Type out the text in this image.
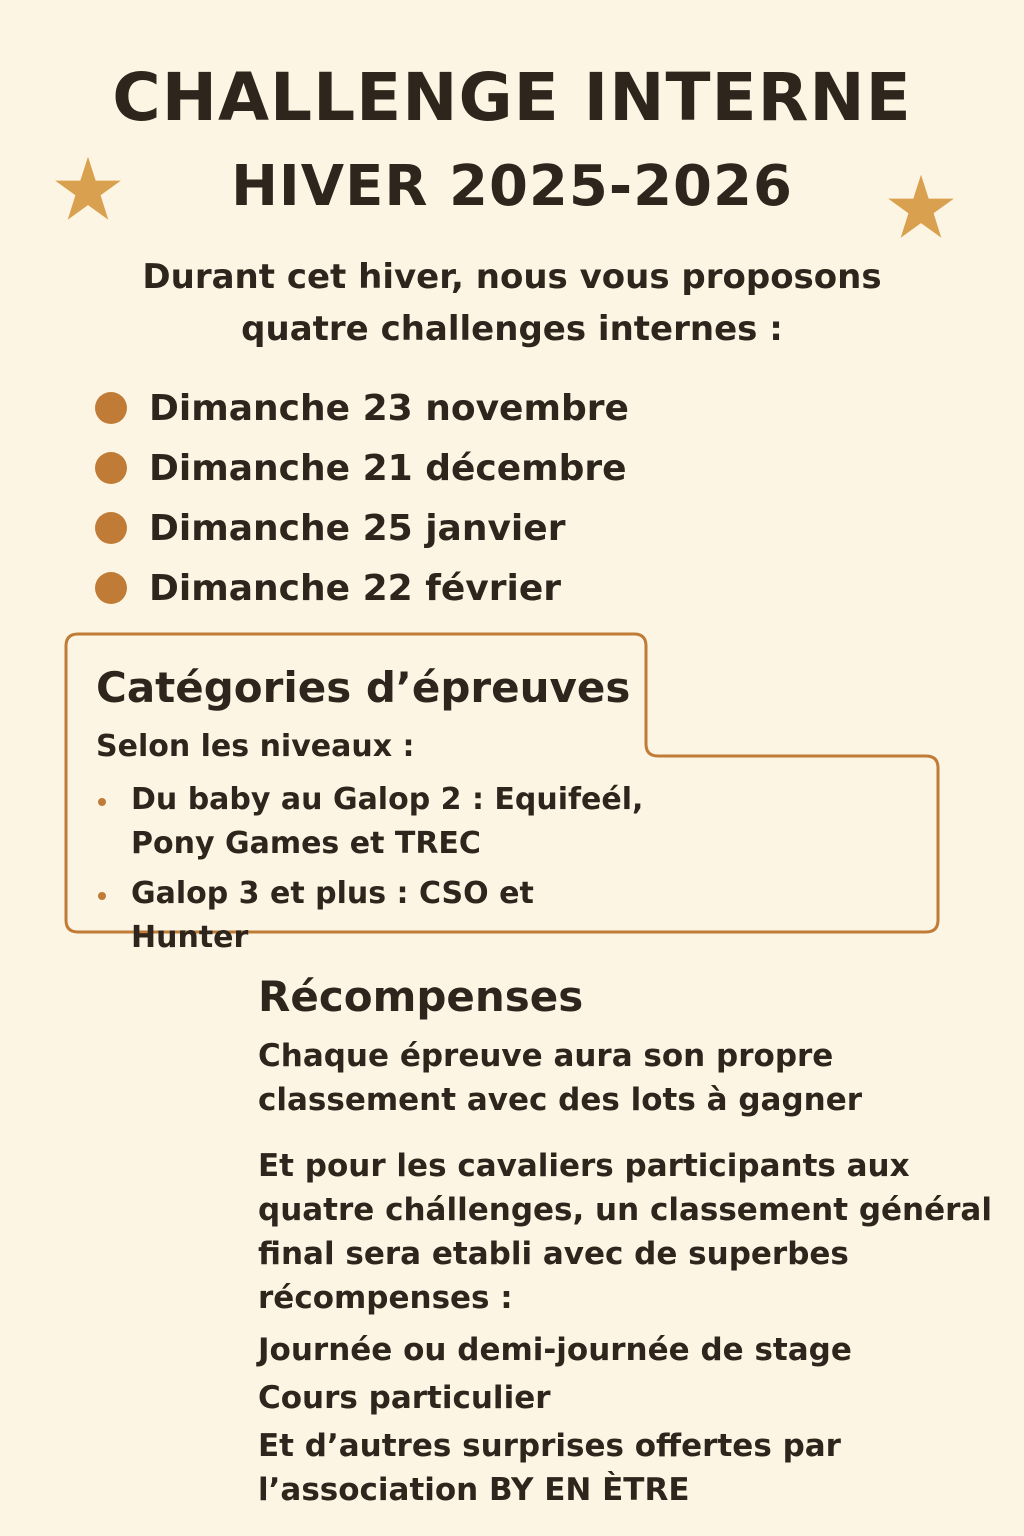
CHALLENGE INTERNE
HIVER 2025-2026
Durant cet hiver, nous vous proposons
quatre challenges internes :
Dimanche 23 novembre
Dimanche 21 décembre
Dimanche 25 janvier
Dimanche 22 février
Catégories d’épreuves
Selon les niveaux :
Du baby au Galop 2 : Equifeél, Pony Games et TREC
Galop 3 et plus : CSO et Hunter
Récompenses
Chaque épreuve aura son propre classement avec des lots à gagner
Et pour les cavaliers participants aux quatre chállenges, un classement général final sera etabli avec de superbes récompenses :
Journée ou demi-journée de stage
Cours particulier
Et d’autres surprises offertes par l’association BY EN ÈTRE
